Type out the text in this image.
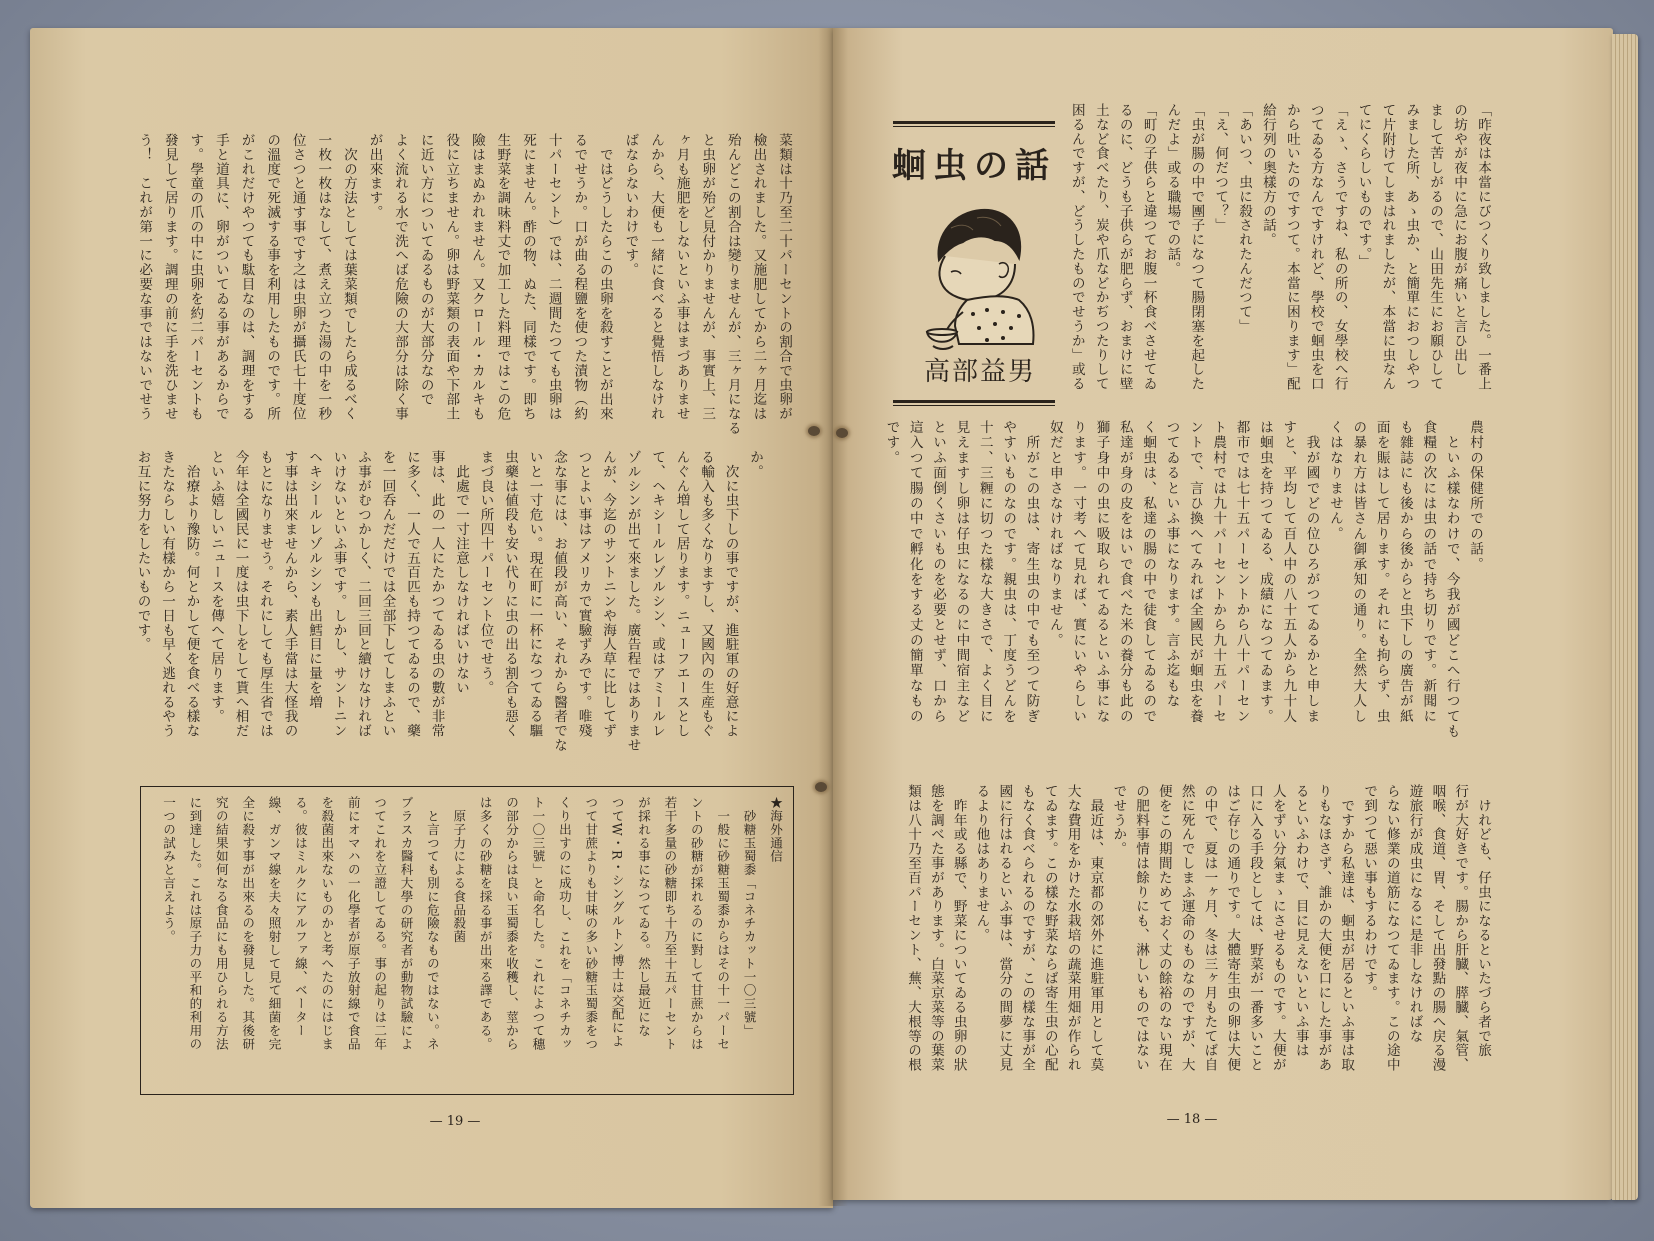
菜類は十乃至二十パーセントの割合で虫卵が
檢出されました。又施肥してから二ヶ月迄は
殆んどこの割合は變りませんが、三ヶ月になる
と虫卵が殆ど見付かりませんが、事實上、三
ヶ月も施肥をしないといふ事はまづありませ
んから、大便も一緒に食べると覺悟しなけれ
ばならないわけです。
　ではどうしたらこの虫卵を殺すことが出來
るでせうか。口が曲る程鹽を使つた漬物（約
十パーセント）では、二週間たつても虫卵は
死にません。酢の物、ぬた、同樣です。即ち
生野菜を調味料丈で加工した料理ではこの危
險はまぬかれません。又クロール・カルキも
役に立ちません。卵は野菜類の表面や下部土
に近い方についてゐるものが大部分なので
よく流れる水で洗へば危險の大部分は除く事
が出來ます。
　次の方法としては葉菜類でしたら成るべく
一枚一枚はなして、煮え立つた湯の中を一秒
位さつと通す事です之は虫卵が攝氏七十度位
の溫度で死滅する事を利用したものです。所
がこれだけやつても駄目なのは、調理をする
手と道具に、卵がついてゐる事があるからで
す。學童の爪の中に虫卵を約二パーセントも
發見して居ります。調理の前に手を洗ひませ
う！　これが第一に必要な事ではないでせう
か。
　次に虫下しの事ですが、進駐軍の好意によ
る輸入も多くなりますし、又國內の生産もぐ
んぐん増して居ります。ニューフエースとし
て、ヘキシールレゾルシン、或はアミールレ
ゾルシンが出て來ました。廣告程ではありませ
んが、今迄のサントニンや海人草に比してず
つとよい事はアメリカで實驗ずみです。唯殘
念な事には、お値段が高い、それから醫者でな
いと一寸危い。現在町に一杯になつてゐる驅
虫藥は値段も安い代りに虫の出る割合も惡く
まづ良い所四十パーセント位でせう。
　此處で一寸注意しなければいけない
事は、此の一人にたかつてゐる虫の數が非常
に多く、一人で五百匹も持つてゐるので、藥
を一回呑んだだけでは全部下してしまふとい
ふ事がむつかしく、二回三回と續けなければ
いけないといふ事です。しかし、サントニン
ヘキシールレゾルシンも出鱈目に量を増
す事は出來ませんから、素人手當は大怪我の
もとになりませう。それにしても厚生省では
今年は全國民に一度は虫下しをして貰へ相だ
といふ嬉しいニュースを傳へて居ります。
　治療より豫防。何とかして便を食べる樣な
きたならしい有樣から一日も早く逃れるやう
お互に努力をしたいものです。
★海外通信
　砂糖玉蜀黍「コネチカット一〇三號」
　一般に砂糖玉蜀黍からはその十一パーセ
ントの砂糖が採れるのに對して甘蔗からは
若干多量の砂糖即ち十乃至十五パーセント
が採れる事になつてゐる。然し最近にな
つてW・R・シングルトン博士は交配によ
つて甘蔗よりも甘味の多い砂糖玉蜀黍をつ
くり出すのに成功し、これを「コネチカッ
ト一〇三號」と命名した。これによつて穗
の部分からは良い玉蜀黍を收穫し、莖から
は多くの砂糖を採る事が出來る譯である。
　原子力による食品殺菌
　と言つても別に危險なものではない。ネ
ブラスカ醫科大學の研究者が動物試驗によ
つてこれを立證してゐる。事の起りは二年
前にオマハの一化學者が原子放射線で食品
を殺菌出來ないものかと考へたのにはじま
る。彼はミルクにアルファ線、ベーター
線、ガンマ線を夫々照射して見て細菌を完
全に殺す事が出來るのを發見した。其後研
究の結果如何なる食品にも用ひられる方法
に到達した。これは原子力の平和的利用の
一つの試みと言えよう。
— 19 —
蛔虫の話
高部益男	「昨夜は本當にびつくり致しました。一番上
の坊やが夜中に急にお腹が痛いと言ひ出し
まして苦しがるので、山田先生にお願ひして
みました所、あゝ虫か、と簡單におつしやつ
て片附けてしまはれましたが、本當に虫なん
てにくらしいものです。」
「えゝ、さうですね、私の所の、女學校へ行
つてゐる方なんですけれど、學校で蛔虫を口
から吐いたのですつて。本當に困ります」配
給行列の奥樣方の話。
「あいつ、虫に殺されたんだつて」
「え、何だつて？」
「虫が腸の中で團子になつて腸閉塞を起した
んだよ」或る職場での話。
「町の子供らと違つてお腹一杯食べさせてゐ
るのに、どうも子供らが肥らず、おまけに壁
土など食べたり、炭や爪などかぢつたりして
困るんですが、どうしたものでせうか」或る
農村の保健所での話。
　といふ樣なわけで、今我が國どこへ行つても
食糧の次には虫の話で持ち切りです。新聞に
も雜誌にも後から後からと虫下しの廣告が紙
面を賑はして居ります。それにも拘らず、虫
の暴れ方は皆さん御承知の通り。全然大人し
くはなりません。
　我が國でどの位ひろがつてゐるかと申しま
すと、平均して百人中の八十五人から九十人
は蛔虫を持つてゐる、成績になつてゐます。
都市では七十五パーセントから八十パーセン
ト農村では九十パーセントから九十五パーセ
ントで、言ひ換へてみれば全國民が蛔虫を養
つてゐるといふ事になります。言ふ迄もな
く蛔虫は、私達の腸の中で徒食してゐるので
私達が身の皮をはいで食べた米の養分も此の
獅子身中の虫に吸取られてゐるといふ事にな
ります。一寸考へて見れば、實にいやらしい
奴だと申さなければなりません。
　所がこの虫は、寄生虫の中でも至つて防ぎ
やすいものなのです。親虫は、丁度うどんを
十二、三糎に切つた樣な大きさで、よく目に
見えますし卵は仔虫になるのに中間宿主など
といふ面倒くさいものを必要とせず、口から
這入つて腸の中で孵化をする丈の簡單なもの
です。
　けれども、仔虫になるといたづら者で旅
行が大好きです。腸から肝臓、膵臓、氣管、
咽喉、食道、胃、そして出發點の腸へ戻る漫
遊旅行が成虫になるに是非しなければな
らない修業の道筋になつてゐます。この途中
で到つて惡い事もするわけです。
　ですから私達は、蛔虫が居るといふ事は取
りもなほさず、誰かの大便を口にした事があ
るといふわけで、目に見えないといふ事は
人をずい分氣まゝにさせるものです。大便が
口に入る手段としては、野菜が一番多いこと
はご存じの通りです。大體寄生虫の卵は大便
の中で、夏は一ヶ月、冬は三ヶ月もたてば自
然に死んでしまふ運命のものなのですが、大
便をこの期間ためておく丈の餘裕のない現在
の肥料事情は餘りにも、淋しいものではない
でせうか。
　最近は、東京都の郊外に進駐軍用として莫
大な費用をかけた水栽培の蔬菜用畑が作られ
てゐます。この樣な野菜ならば寄生虫の心配
もなく食べられるのですが、この樣な事が全
國に行はれるといふ事は、當分の間夢に丈見
るより他はありません。
　昨年或る縣で、野菜についてゐる虫卵の狀
態を調べた事があります。白菜京菜等の葉菜
類は八十乃至百パーセント、蕪、大根等の根
— 18 —
